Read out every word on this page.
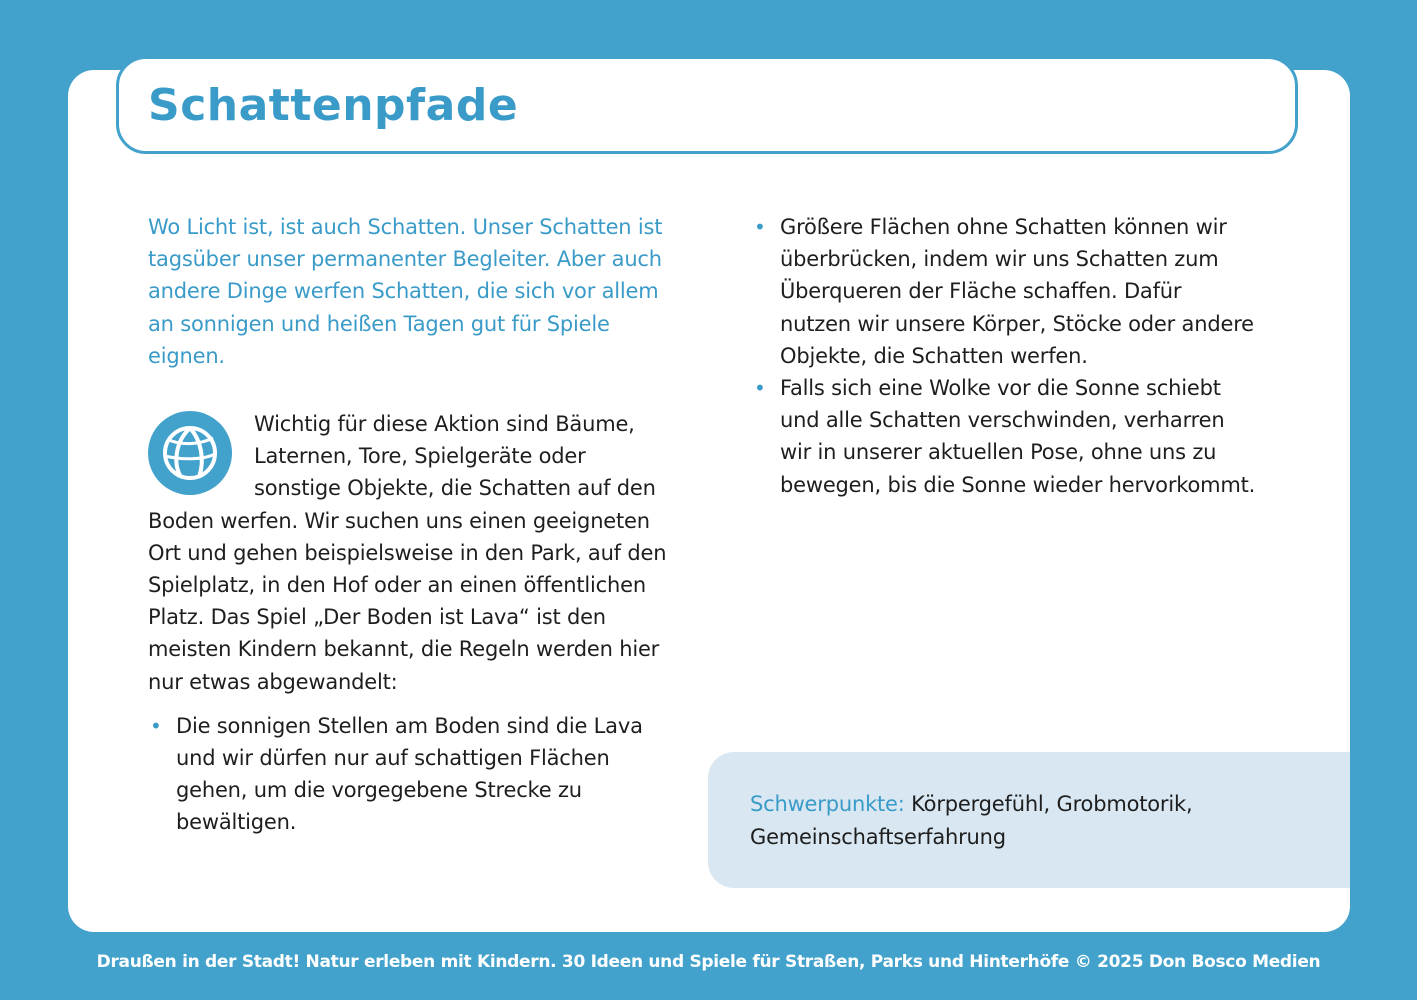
Schattenpfade

Wo Licht ist, ist auch Schatten. Unser Schatten ist tagsüber unser permanenter Begleiter. Aber auch andere Dinge werfen Schatten, die sich vor allem an sonnigen und heißen Tagen gut für Spiele eignen.

Wichtig für diese Aktion sind Bäume, Laternen, Tore, Spielgeräte oder sonstige Objekte, die Schatten auf den Boden werfen. Wir suchen uns einen geeigneten Ort und gehen beispielsweise in den Park, auf den Spielplatz, in den Hof oder an einen öffentlichen Platz. Das Spiel „Der Boden ist Lava“ ist den meisten Kindern bekannt, die Regeln werden hier nur etwas abgewandelt:

• Die sonnigen Stellen am Boden sind die Lava und wir dürfen nur auf schattigen Flächen gehen, um die vorgegebene Strecke zu bewältigen.
• Größere Flächen ohne Schatten können wir überbrücken, indem wir uns Schatten zum Überqueren der Fläche schaffen. Dafür nutzen wir unsere Körper, Stöcke oder andere Objekte, die Schatten werfen.
• Falls sich eine Wolke vor die Sonne schiebt und alle Schatten verschwinden, verharren wir in unserer aktuellen Pose, ohne uns zu bewegen, bis die Sonne wieder hervorkommt.
Schwerpunkte: Körpergefühl, Grobmotorik, Gemeinschaftserfahrung
Draußen in der Stadt! Natur erleben mit Kindern. 30 Ideen und Spiele für Straßen, Parks und Hinterhöfe © 2025 Don Bosco Medien
